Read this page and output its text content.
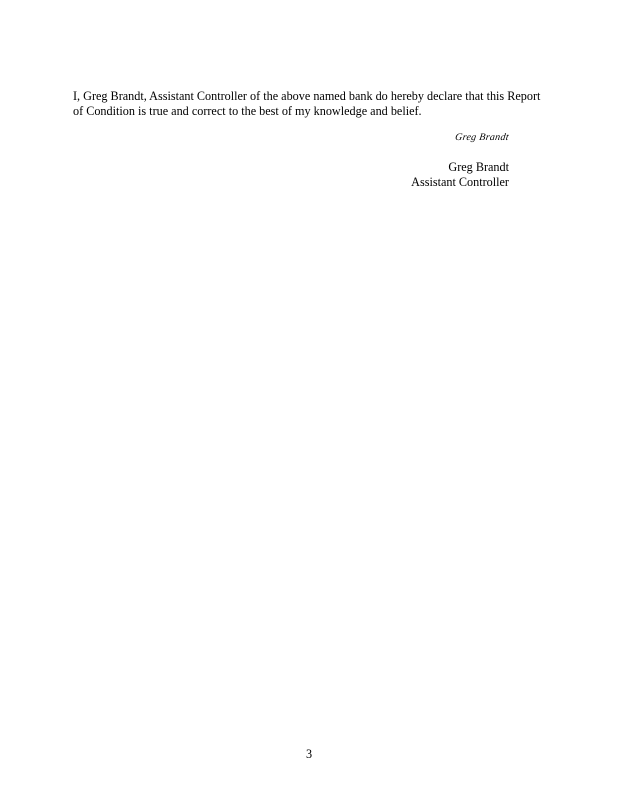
I, Greg Brandt, Assistant Controller of the above named bank do hereby declare that this Report
of Condition is true and correct to the best of my knowledge and belief.

Greg Brandt
Greg Brandt
Assistant Controller
3
